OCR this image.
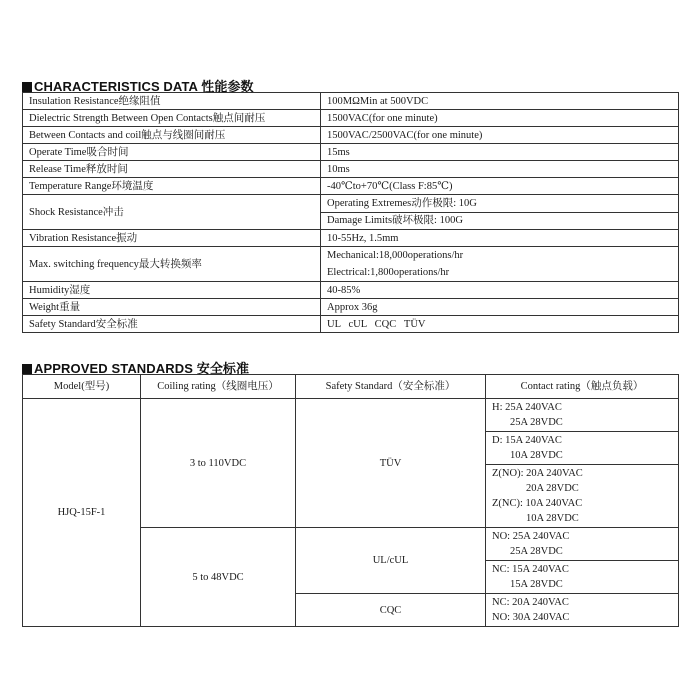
CHARACTERISTICS DATA 性能参数
Insulation Resistance绝缘阻值	100MΩMin at 500VDC
Dielectric Strength Between Open Contacts触点间耐压	1500VAC(for one minute)
Between Contacts and coil触点与线圈间耐压	1500VAC/2500VAC(for one minute)
Operate Time吸合时间	15ms
Release Time释放时间	10ms
Temperature Range环境温度	-40℃to+70℃(Class F:85℃)
Shock Resistance冲击	Operating Extremes动作极限: 10G
	Damage Limits破坏极限: 100G
Vibration Resistance振动	10-55Hz, 1.5mm
Max. switching frequency最大转换频率	Mechanical:18,000operations/hr
	Electrical:1,800operations/hr
Humidity湿度	40-85%
Weight重量	Approx 36g
Safety Standard安全标准	UL   cUL   CQC   TÜV
APPROVED STANDARDS 安全标准
Model(型号)	Coiling rating（线圈电压）	Safety Standard（安全标准）	Contact rating（触点负载）
HJQ-15F-1	3 to 110VDC	TÜV	H: 25A 240VAC
25A 28VDC

			D: 15A 240VAC
10A 28VDC

			Z(NO): 20A 240VAC
20A 28VDC
Z(NC): 10A 240VAC
10A 28VDC

	5 to 48VDC	UL/cUL	NO: 25A 240VAC
25A 28VDC

			NC: 15A 240VAC
15A 28VDC

		CQC	NC: 20A 240VAC
NO: 30A 240VAC
